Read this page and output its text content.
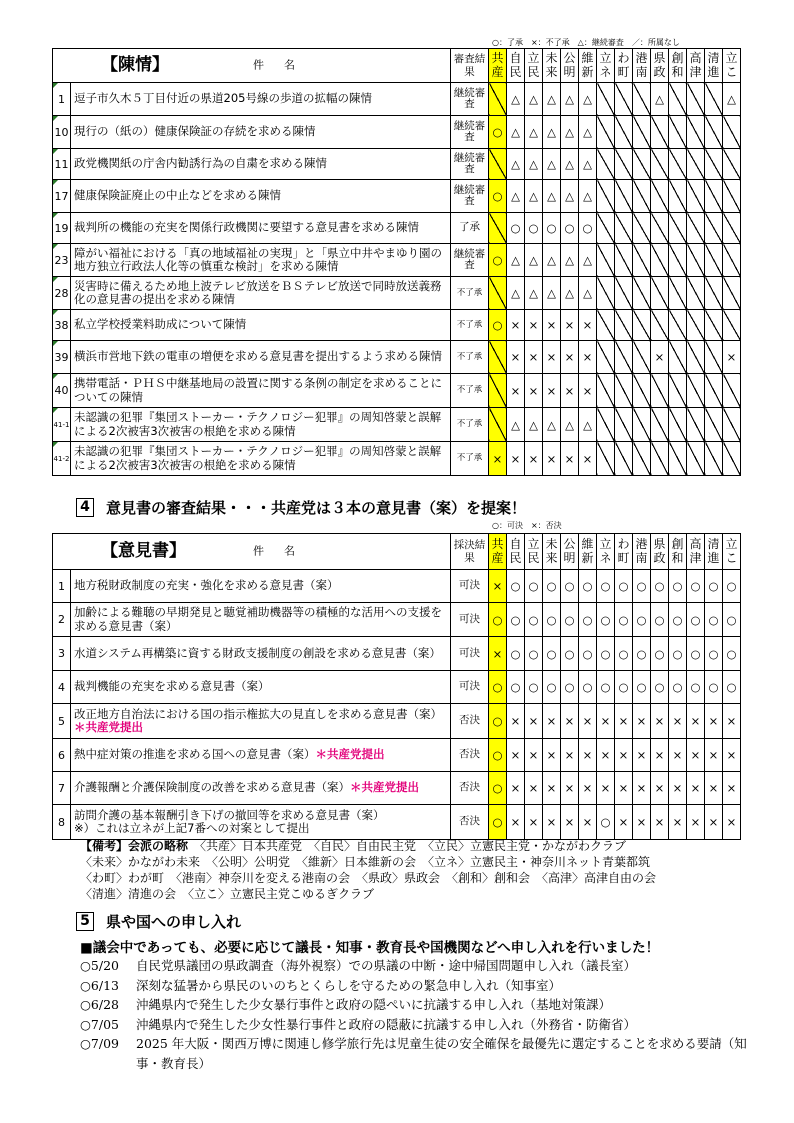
○：了承　×：不了承　△：継続審査　／：所属なし
【陳情】 件 名		審査結果	共産	自民	立民	未来	公明	維新	立ネ	わ町	港南	県政	創和	高津	清進	立こ
1	逗子市久木５丁目付近の県道205号線の歩道の拡幅の陳情	継続審査		△	△	△	△	△				△				△
10	現行の（紙の）健康保険証の存続を求める陳情	継続審査	○	△	△	△	△	△								
11	政党機関紙の庁舎内勧誘行為の自粛を求める陳情	継続審査		△	△	△	△	△								
17	健康保険証廃止の中止などを求める陳情	継続審査	○	△	△	△	△	△								
19	裁判所の機能の充実を関係行政機関に要望する意見書を求める陳情	了承		○	○	○	○	○								
23	障がい福祉における「真の地域福祉の実現」と「県立中井やまゆり園の地方独立行政法人化等の慎重な検討」を求める陳情	継続審査	○	△	△	△	△	△								
28	災害時に備えるため地上波テレビ放送をＢＳテレビ放送で同時放送義務化の意見書の提出を求める陳情	不了承		△	△	△	△	△								
38	私立学校授業料助成について陳情	不了承	○	×	×	×	×	×								
39	横浜市営地下鉄の電車の増便を求める意見書を提出するよう求める陳情	不了承		×	×	×	×	×				×				×
40	携帯電話・ＰＨＳ中継基地局の設置に関する条例の制定を求めることについての陳情	不了承		×	×	×	×	×								
41-1	未認識の犯罪『集団ストーカー・テクノロジー犯罪』の周知啓蒙と誤解による2次被害3次被害の根絶を求める陳情	不了承		△	△	△	△	△								
41-2	未認識の犯罪『集団ストーカー・テクノロジー犯罪』の周知啓蒙と誤解による2次被害3次被害の根絶を求める陳情	不了承	×	×	×	×	×	×								
4 意見書の審査結果・・・共産党は３本の意見書（案）を提案！
○：可決　×：否決
【意見書】 件 名		採決結果	共産	自民	立民	未来	公明	維新	立ネ	わ町	港南	県政	創和	高津	清進	立こ
1	地方税財政制度の充実・強化を求める意見書（案）	可決	×	○	○	○	○	○	○	○	○	○	○	○	○	○
2	加齢による難聴の早期発見と聴覚補助機器等の積極的な活用への支援を求める意見書（案）	可決	○	○	○	○	○	○	○	○	○	○	○	○	○	○
3	水道システム再構築に資する財政支援制度の創設を求める意見書（案）	可決	×	○	○	○	○	○	○	○	○	○	○	○	○	○
4	裁判機能の充実を求める意見書（案）	可決	○	○	○	○	○	○	○	○	○	○	○	○	○	○
5	改正地方自治法における国の指示権拡大の見直しを求める意見書（案）＊共産党提出	否決	○	×	×	×	×	×	×	×	×	×	×	×	×	×
6	熱中症対策の推進を求める国への意見書（案）＊共産党提出	否決	○	×	×	×	×	×	×	×	×	×	×	×	×	×
7	介護報酬と介護保険制度の改善を求める意見書（案）＊共産党提出	否決	○	×	×	×	×	×	×	×	×	×	×	×	×	×
8	訪問介護の基本報酬引き下げの撤回等を求める意見書（案）
※）これは立ネが上記7番への対案として提出	否決	○	×	×	×	×	×	○	×	×	×	×	×	×	×
【備考】会派の略称　 〈共産〉日本共産党　〈自民〉自由民主党　〈立民〉立憲民主党・かながわクラブ
〈未来〉かながわ未来　〈公明〉公明党　〈維新〉日本維新の会　〈立ネ〉立憲民主・神奈川ネット青葉都筑
〈わ町〉わが町　〈港南〉神奈川を変える港南の会　〈県政〉県政会　〈創和〉創和会　〈高津〉高津自由の会
〈清進〉清進の会　〈立こ〉立憲民主党こゆるぎクラブ
5 県や国への申し入れ
■議会中であっても、必要に応じて議長・知事・教育長や国機関などへ申し入れを行いました！
○5/20	自民党県議団の県政調査（海外視察）での県議の中断・途中帰国問題申し入れ（議長室）
○6/13	深刻な猛暑から県民のいのちとくらしを守るための緊急申し入れ（知事室）
○6/28	沖縄県内で発生した少女暴行事件と政府の隠ぺいに抗議する申し入れ（基地対策課）
○7/05	沖縄県内で発生した少女性暴行事件と政府の隠蔽に抗議する申し入れ（外務省・防衛省）
○7/09	2025 年大阪・関西万博に関連し修学旅行先は児童生徒の安全確保を最優先に選定することを求める要請（知事・教育長）
